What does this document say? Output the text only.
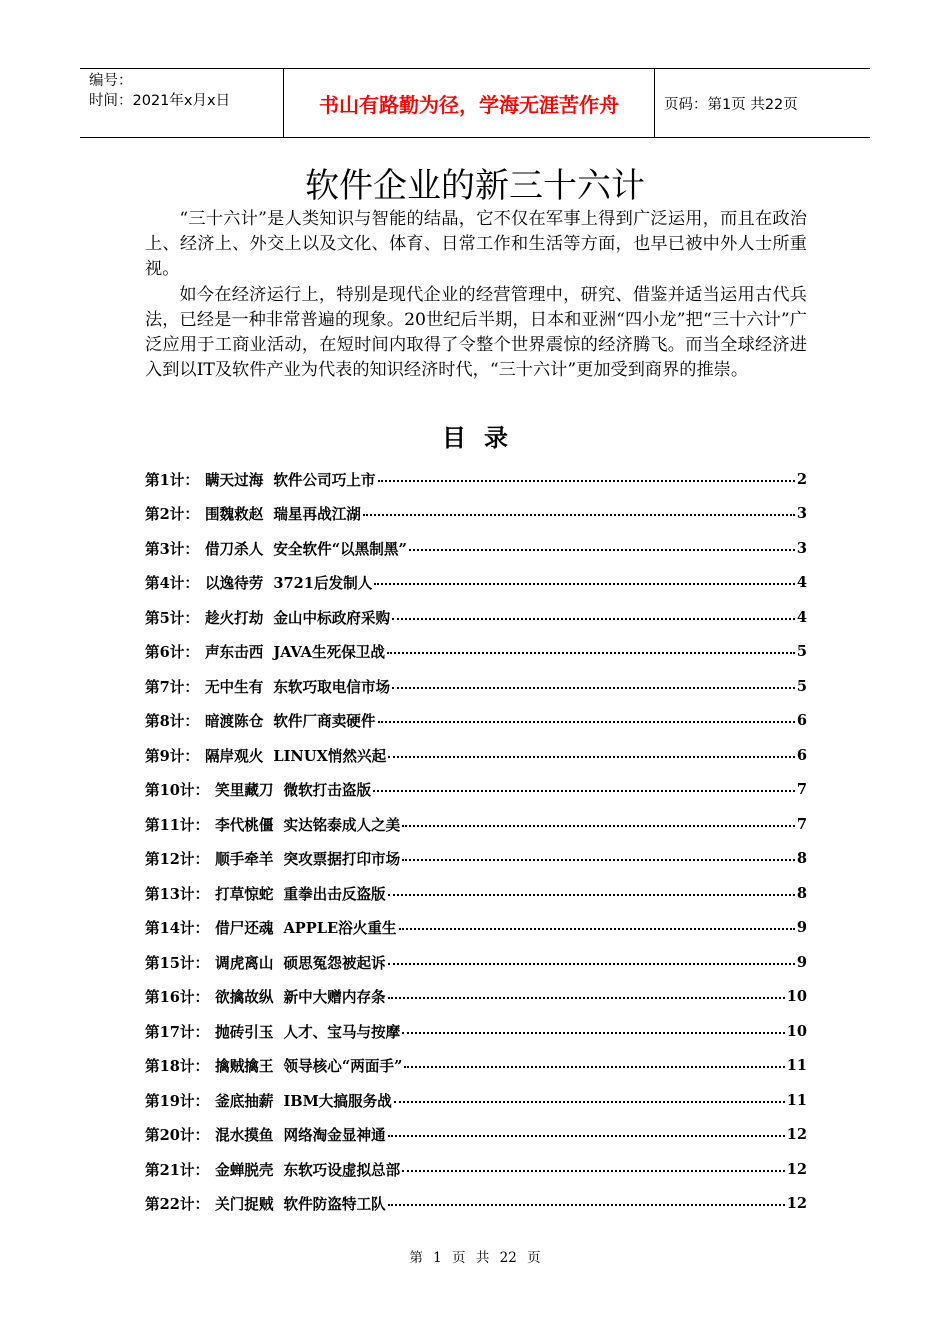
编号：
时间：2021年x月x日	书山有路勤为径，学海无涯苦作舟	页码：第1页 共22页
软件企业的新三十六计

“三十六计”是人类知识与智能的结晶，它不仅在军事上得到广泛运用，而且在政治上、经济上、外交上以及文化、体育、日常工作和生活等方面，也早已被中外人士所重视。

如今在经济运行上，特别是现代企业的经营管理中，研究、借鉴并适当运用古代兵法，已经是一种非常普遍的现象。20世纪后半期，日本和亚洲“四小龙”把“三十六计”广泛应用于工商业活动，在短时间内取得了令整个世界震惊的经济腾飞。而当全球经济进入到以IT及软件产业为代表的知识经济时代，“三十六计”更加受到商界的推崇。

目录
第1计： 瞒天过海 软件公司巧上市	2
第2计： 围魏救赵 瑞星再战江湖	3
第3计： 借刀杀人 安全软件“以黑制黑”	3
第4计： 以逸待劳 3721后发制人	4
第5计： 趁火打劫 金山中标政府采购	4
第6计： 声东击西 JAVA生死保卫战	5
第7计： 无中生有 东软巧取电信市场	5
第8计： 暗渡陈仓 软件厂商卖硬件	6
第9计： 隔岸观火 LINUX悄然兴起	6
第10计： 笑里藏刀 微软打击盗版	7
第11计： 李代桃僵 实达铭泰成人之美	7
第12计： 顺手牵羊 突攻票据打印市场	8
第13计： 打草惊蛇 重拳出击反盗版	8
第14计： 借尸还魂 APPLE浴火重生	9
第15计： 调虎离山 硕思冤怨被起诉	9
第16计： 欲擒故纵 新中大赠内存条	10
第17计： 抛砖引玉 人才、宝马与按摩	10
第18计： 擒贼擒王 领导核心“两面手”	11
第19计： 釜底抽薪 IBM大搞服务战	11
第20计： 混水摸鱼 网络淘金显神通	12
第21计： 金蝉脱壳 东软巧设虚拟总部	12
第22计： 关门捉贼 软件防盗特工队	12
第 1 页 共 22 页
